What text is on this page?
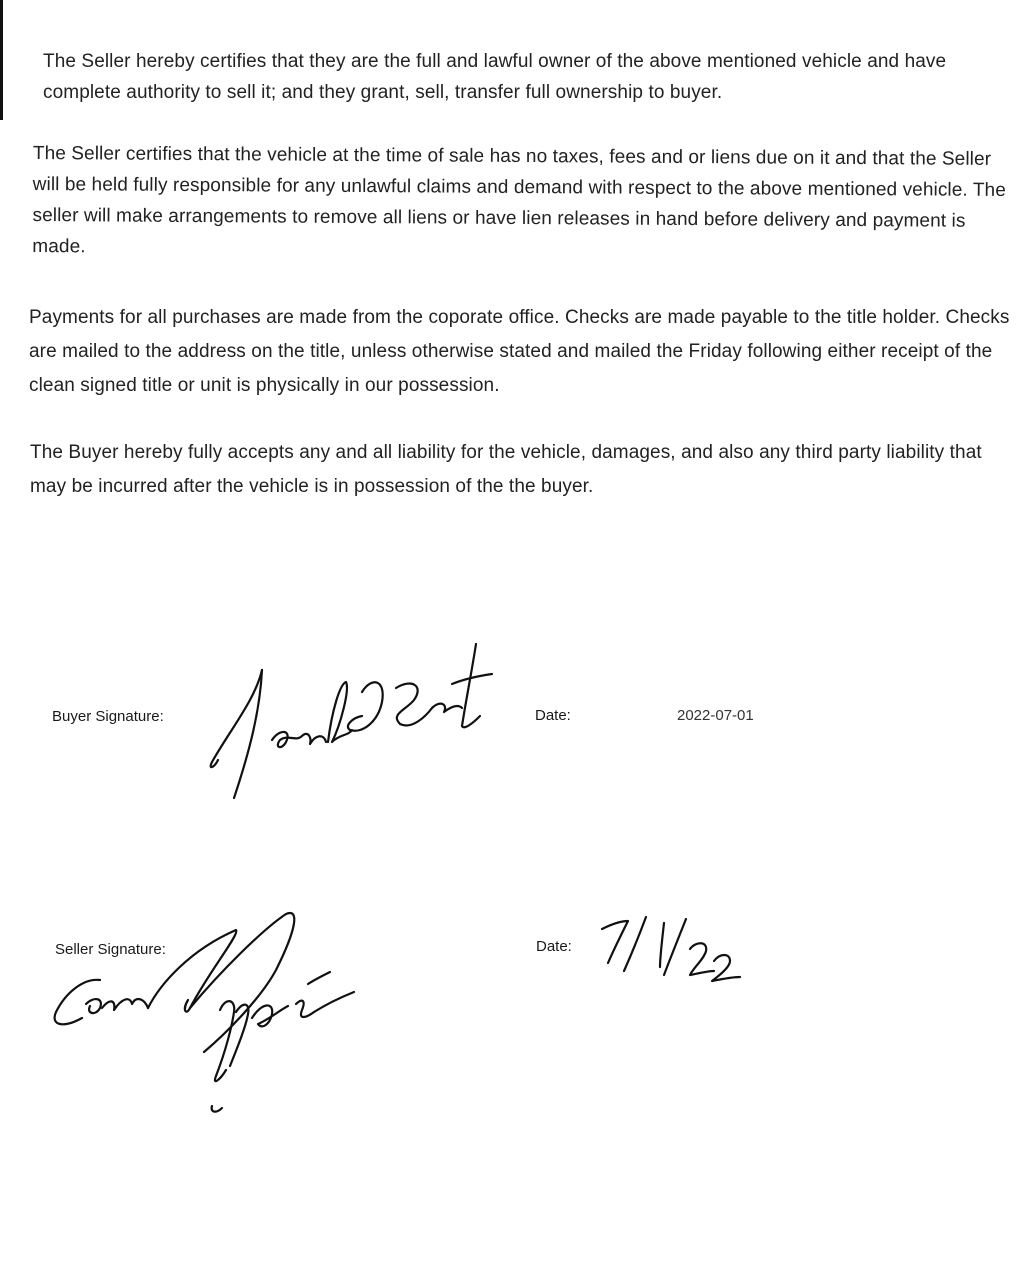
The Seller hereby certifies that they are the full and lawful owner of the above mentioned vehicle and have complete authority to sell it; and they grant, sell, transfer full ownership to buyer.

The Seller certifies that the vehicle at the time of sale has no taxes, fees and or liens due on it and that the Seller will be held fully responsible for any unlawful claims and demand with respect to the above mentioned vehicle. The seller will make arrangements to remove all liens or have lien releases in hand before delivery and payment is made.

Payments for all purchases are made from the coporate office. Checks are made payable to the title holder. Checks are mailed to the address on the title, unless otherwise stated and mailed the Friday following either receipt of the clean signed title or unit is physically in our possession.

The Buyer hereby fully accepts any and all liability for the vehicle, damages, and also any third party liability that may be incurred after the vehicle is in possession of the the buyer.

Buyer Signature:	Date:	2022-07-01
Seller Signature:	Date:
